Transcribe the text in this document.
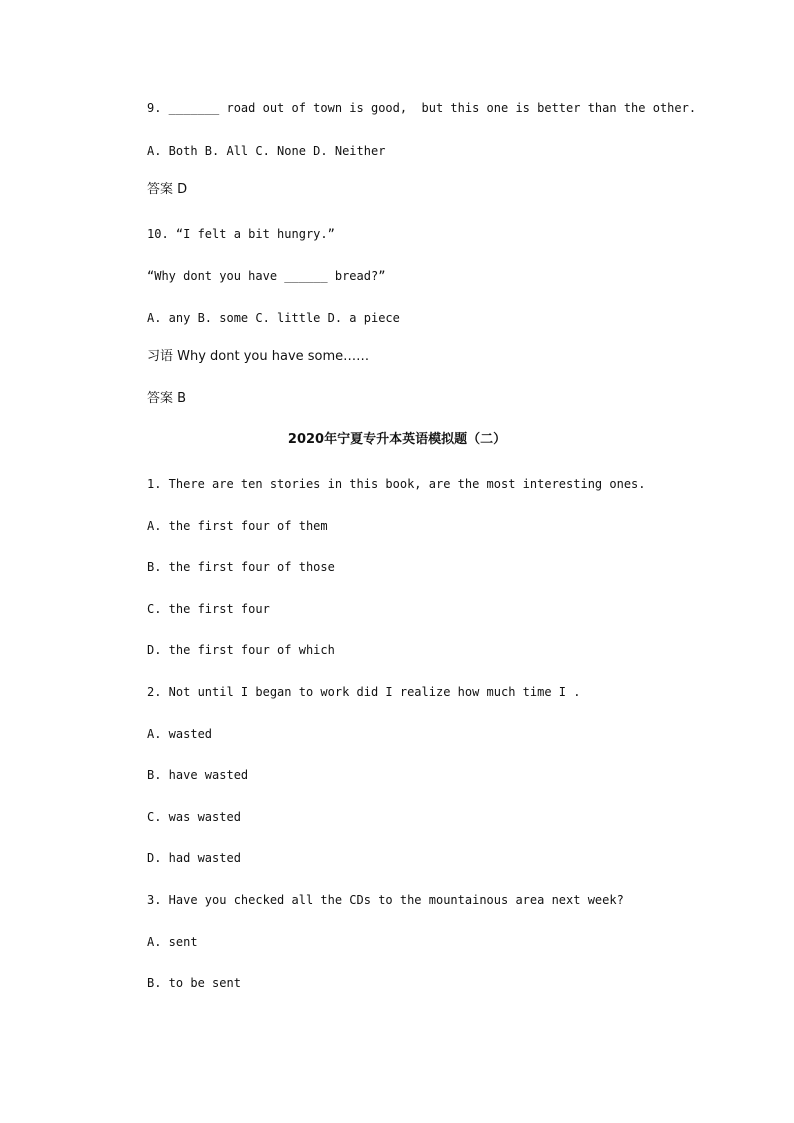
9. _______ road out of town is good,  but this one is better than the other.
A. Both B. All C. None D. Neither
答案 D
10. “I felt a bit hungry.”
“Why dont you have ______ bread?”
A. any B. some C. little D. a piece
习语 Why dont you have some……
答案 B
2020年宁夏专升本英语模拟题（二）
1. There are ten stories in this book, are the most interesting ones.
A. the first four of them
B. the first four of those
C. the first four
D. the first four of which
2. Not until I began to work did I realize how much time I .
A. wasted
B. have wasted
C. was wasted
D. had wasted
3. Have you checked all the CDs to the mountainous area next week?
A. sent
B. to be sent
